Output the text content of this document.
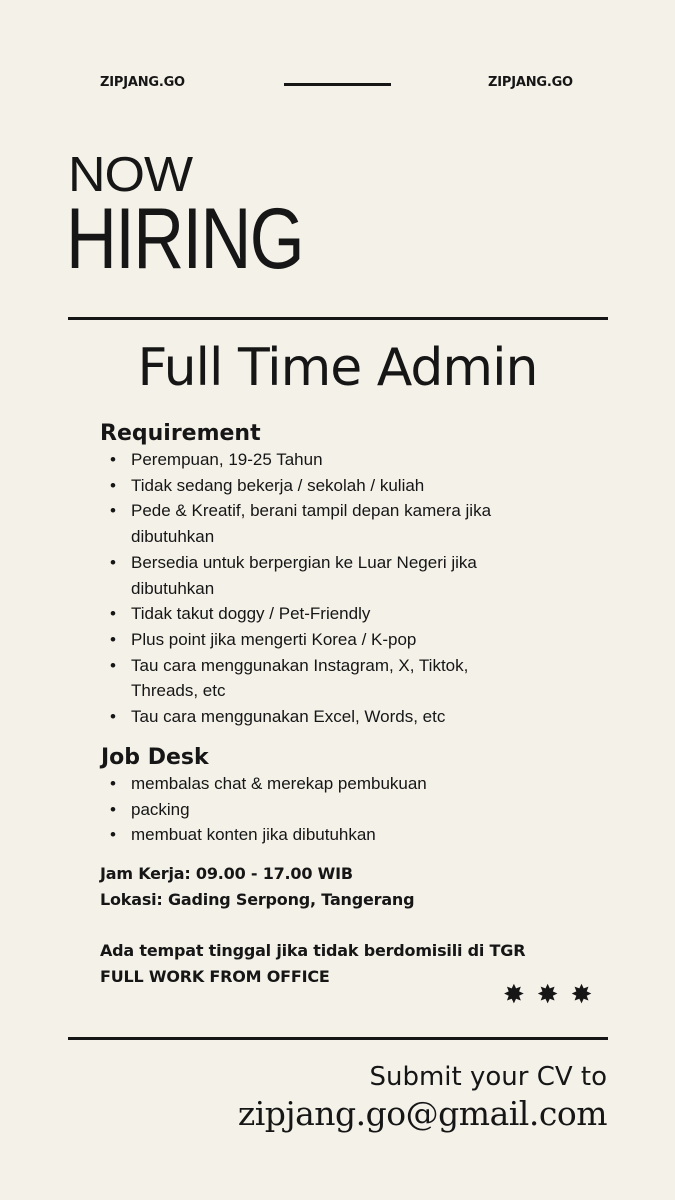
ZIPJANG.GO	ZIPJANG.GO
NOW
HIRING
Full Time Admin
Requirement
• Perempuan, 19-25 Tahun
• Tidak sedang bekerja / sekolah / kuliah
• Pede & Kreatif, berani tampil depan kamera jika dibutuhkan
• Bersedia untuk berpergian ke Luar Negeri jika dibutuhkan
• Tidak takut doggy / Pet-Friendly
• Plus point jika mengerti Korea / K-pop
• Tau cara menggunakan Instagram, X, Tiktok, Threads, etc
• Tau cara menggunakan Excel, Words, etc
Job Desk
• membalas chat & merekap pembukuan
• packing
• membuat konten jika dibutuhkan
Jam Kerja: 09.00 - 17.00 WIB
Lokasi: Gading Serpong, Tangerang
Ada tempat tinggal jika tidak berdomisili di TGR
FULL WORK FROM OFFICE
✸✸✸
Submit your CV to
zipjang.go@gmail.com
